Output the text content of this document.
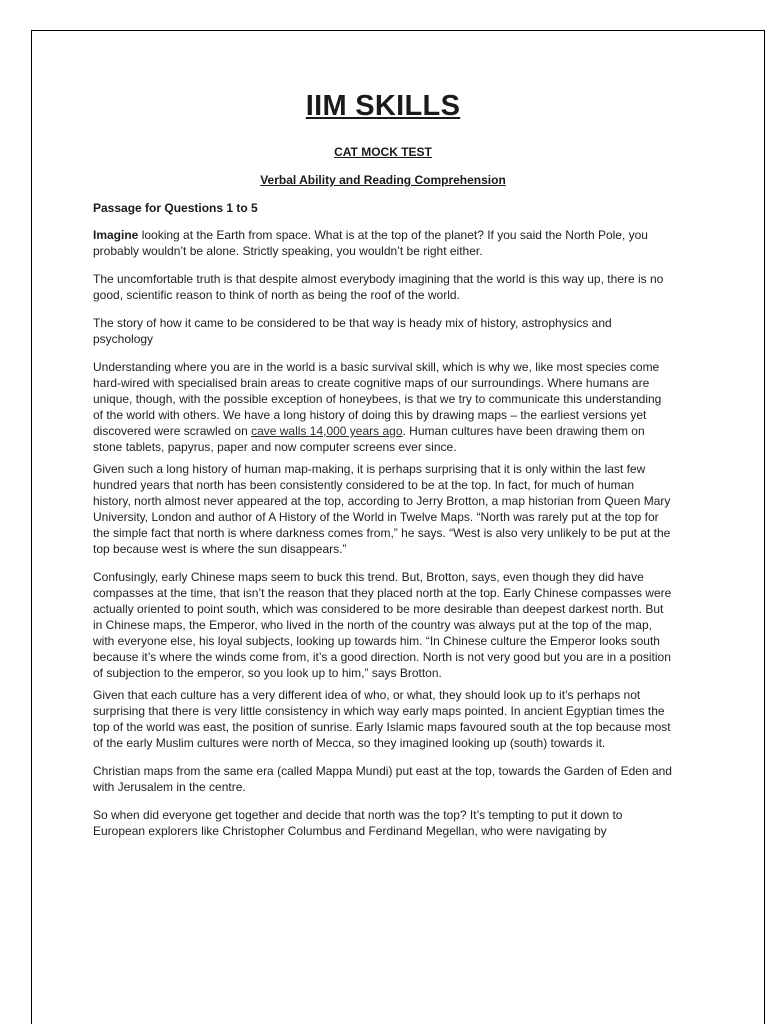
IIM SKILLS
CAT MOCK TEST
Verbal Ability and Reading Comprehension
Passage for Questions 1 to 5

Imagine looking at the Earth from space. What is at the top of the planet? If you said the North Pole, you probably wouldn’t be alone. Strictly speaking, you wouldn’t be right either.

The uncomfortable truth is that despite almost everybody imagining that the world is this way up, there is no good, scientific reason to think of north as being the roof of the world.

The story of how it came to be considered to be that way is heady mix of history, astrophysics and psychology

Understanding where you are in the world is a basic survival skill, which is why we, like most species come hard-wired with specialised brain areas to create cognitive maps of our surroundings. Where humans are unique, though, with the possible exception of honeybees, is that we try to communicate this understanding of the world with others. We have a long history of doing this by drawing maps – the earliest versions yet discovered were scrawled on cave walls 14,000 years ago. Human cultures have been drawing them on stone tablets, papyrus, paper and now computer screens ever since.

Given such a long history of human map-making, it is perhaps surprising that it is only within the last few hundred years that north has been consistently considered to be at the top. In fact, for much of human history, north almost never appeared at the top, according to Jerry Brotton, a map historian from Queen Mary University, London and author of A History of the World in Twelve Maps. “North was rarely put at the top for the simple fact that north is where darkness comes from,” he says. “West is also very unlikely to be put at the top because west is where the sun disappears.”

Confusingly, early Chinese maps seem to buck this trend. But, Brotton, says, even though they did have compasses at the time, that isn’t the reason that they placed north at the top. Early Chinese compasses were actually oriented to point south, which was considered to be more desirable than deepest darkest north. But in Chinese maps, the Emperor, who lived in the north of the country was always put at the top of the map, with everyone else, his loyal subjects, looking up towards him. “In Chinese culture the Emperor looks south because it’s where the winds come from, it’s a good direction. North is not very good but you are in a position of subjection to the emperor, so you look up to him,” says Brotton.

Given that each culture has a very different idea of who, or what, they should look up to it’s perhaps not surprising that there is very little consistency in which way early maps pointed. In ancient Egyptian times the top of the world was east, the position of sunrise. Early Islamic maps favoured south at the top because most of the early Muslim cultures were north of Mecca, so they imagined looking up (south) towards it.

Christian maps from the same era (called Mappa Mundi) put east at the top, towards the Garden of Eden and with Jerusalem in the centre.

So when did everyone get together and decide that north was the top? It’s tempting to put it down to European explorers like Christopher Columbus and Ferdinand Megellan, who were navigating by
